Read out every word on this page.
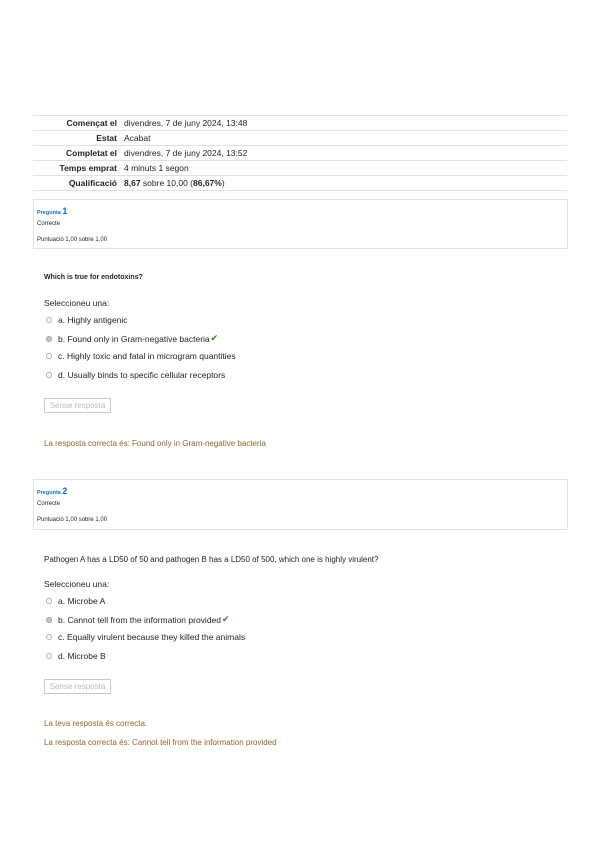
Començat el	divendres, 7 de juny 2024, 13:48
Estat	Acabat
Completat el	divendres, 7 de juny 2024, 13:52
Temps emprat	4 minuts 1 segon
Qualificació	8,67 sobre 10,00 (86,67%)
Pregunta 1
Correcte
Puntuació 1,00 sobre 1,00
Which is true for endotoxins?
Seleccioneu una:
a. Highly antigenic
b. Found only in Gram-negative bacteria ✔
c. Highly toxic and fatal in microgram quantities
d. Usually binds to specific cellular receptors
Sense resposta
La resposta correcta és: Found only in Gram-negative bacteria
Pregunta 2
Correcte
Puntuació 1,00 sobre 1,00
Pathogen A has a LD50 of 50 and pathogen B has a LD50 of 500, which one is highly virulent?
Seleccioneu una:
a. Microbe A
b. Cannot tell from the information provided ✔
c. Equally virulent because they killed the animals
d. Microbe B
Sense resposta
La teva resposta és correcta.
La resposta correcta és: Cannot tell from the information provided
